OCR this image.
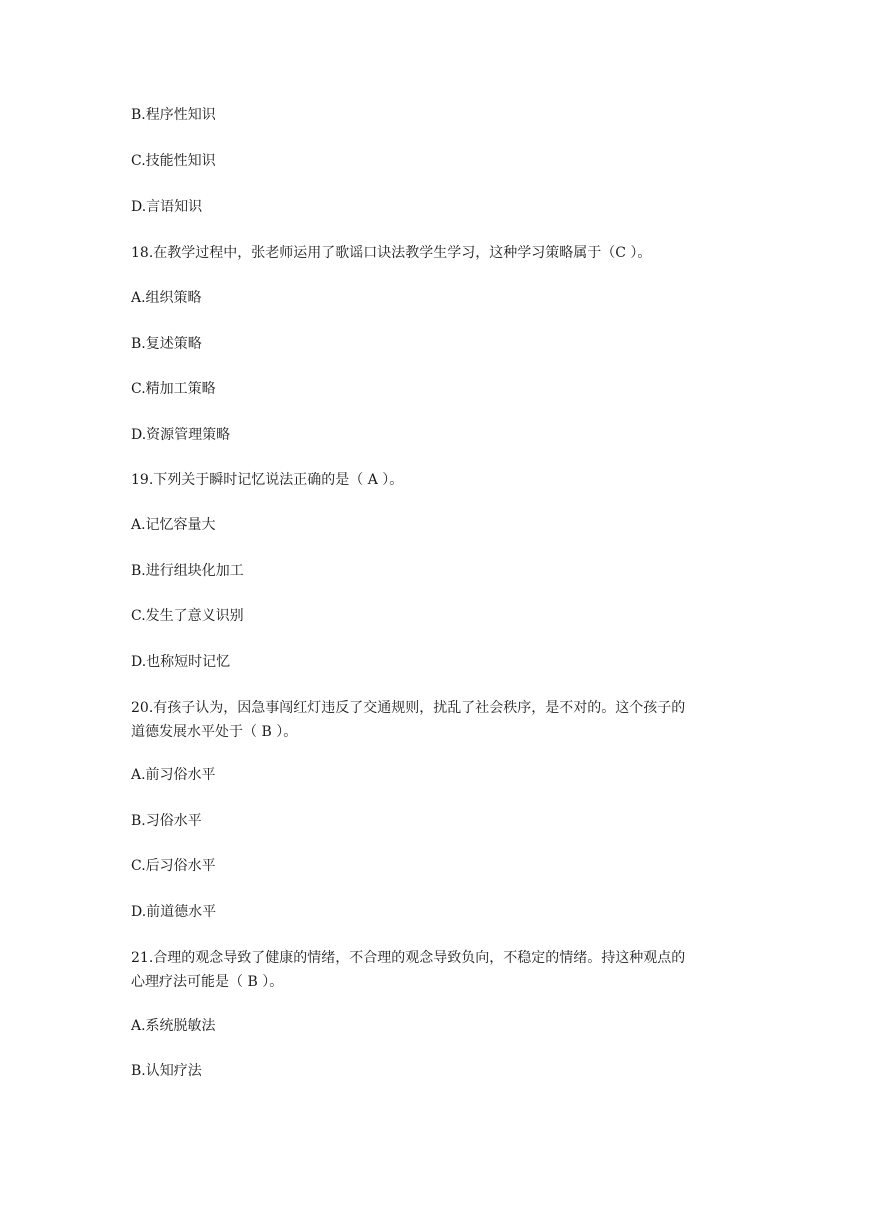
B.程序性知识
C.技能性知识
D.言语知识
18.在教学过程中，张老师运用了歌谣口诀法教学生学习，这种学习策略属于（C ）。
A.组织策略
B.复述策略
C.精加工策略
D.资源管理策略
19.下列关于瞬时记忆说法正确的是（ A ）。
A.记忆容量大
B.进行组块化加工
C.发生了意义识别
D.也称短时记忆
20.有孩子认为，因急事闯红灯违反了交通规则，扰乱了社会秩序，是不对的。这个孩子的
道德发展水平处于（ B ）。
A.前习俗水平
B.习俗水平
C.后习俗水平
D.前道德水平
21.合理的观念导致了健康的情绪，不合理的观念导致负向，不稳定的情绪。持这种观点的
心理疗法可能是（ B ）。
A.系统脱敏法
B.认知疗法
